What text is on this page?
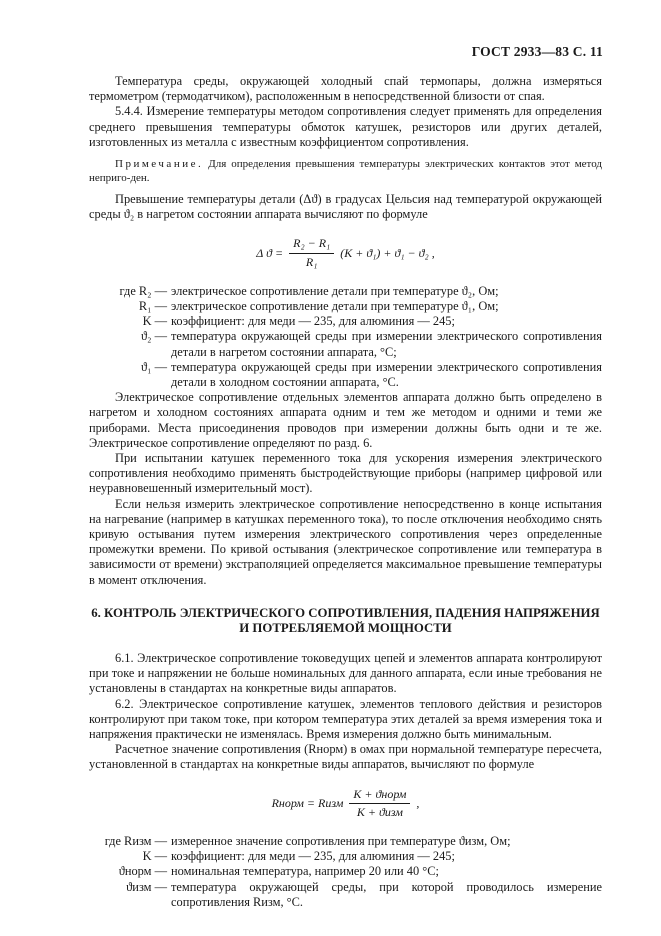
ГОСТ 2933—83 С. 11

Температура среды, окружающей холодный спай термопары, должна измеряться термометром (термодатчиком), расположенным в непосредственной близости от спая.

5.4.4. Измерение температуры методом сопротивления следует применять для определения среднего превышения температуры обмоток катушек, резисторов или других деталей, изготовленных из металла с известным коэффициентом сопротивления.

Примечание. Для определения превышения температуры электрических контактов этот метод неприго-ден.

Превышение температуры детали (Δϑ) в градусах Цельсия над температурой окружающей среды ϑ₂ в нагретом состоянии аппарата вычисляют по формуле

Δ $ϑ = \frac{\text{R₂ − R₁}}{\text{R₁}} (K + ϑ_1) + ϑ_1 - ϑ_2$ ,
где R₂ — электрическое сопротивление детали при температуре ϑ₂, Ом;
R₁ — электрическое сопротивление детали при температуре ϑ₁, Ом;
K — коэффициент: для меди — 235, для алюминия — 245;
ϑ₂ — температура окружающей среды при измерении электрического сопротивления детали в нагретом состоянии аппарата, °С;
ϑ₁ — температура окружающей среды при измерении электрического сопротивления детали в холодном состоянии аппарата, °С.

Электрическое сопротивление отдельных элементов аппарата должно быть определено в нагретом и холодном состояниях аппарата одним и тем же методом и одними и теми же приборами. Места присоединения проводов при измерении должны быть одни и те же. Электрическое сопротивление определяют по разд. 6.

При испытании катушек переменного тока для ускорения измерения электрического сопротивления необходимо применять быстродействующие приборы (например цифровой или неуравновешенный измерительный мост).

Если нельзя измерить электрическое сопротивление непосредственно в конце испытания на нагревание (например в катушках переменного тока), то после отключения необходимо снять кривую остывания путем измерения электрического сопротивления через определенные промежутки времени. По кривой остывания (электрическое сопротивление или температура в зависимости от времени) экстраполяцией определяется максимальное превышение температуры в момент отключения.

6. КОНТРОЛЬ ЭЛЕКТРИЧЕСКОГО СОПРОТИВЛЕНИЯ, ПАДЕНИЯ НАПРЯЖЕНИЯ
И ПОТРЕБЛЯЕМОЙ МОЩНОСТИ

6.1. Электрическое сопротивление токоведущих цепей и элементов аппарата контролируют при токе и напряжении не больше номинальных для данного аппарата, если иные требования не установлены в стандартах на конкретные виды аппаратов.

6.2. Электрическое сопротивление катушек, элементов теплового действия и резисторов контролируют при таком токе, при котором температура этих деталей за время измерения тока и напряжения практически не изменялась. Время измерения должно быть минимальным.

Расчетное значение сопротивления (Rнорм) в омах при нормальной температуре пересчета, установленной в стандартах на конкретные виды аппаратов, вычисляют по формуле

Rнорм = Rизм $\frac{\text{K + ϑнорм}}{\text{K + ϑизм}}$ ,
где Rизм — измеренное значение сопротивления при температуре ϑизм, Ом;
K — коэффициент: для меди — 235, для алюминия — 245;
ϑнорм — номинальная температура, например 20 или 40 °С;
ϑизм — температура окружающей среды, при которой проводилось измерение сопротивления Rизм, °С.
